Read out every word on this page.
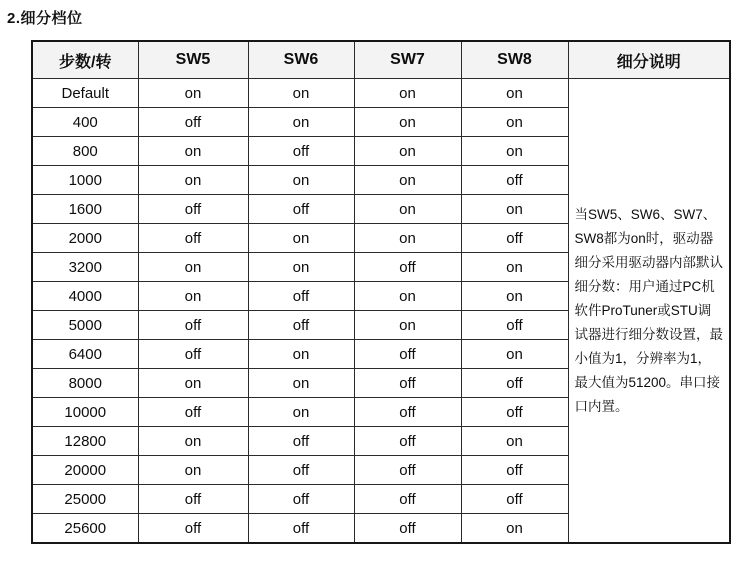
2.细分档位
步数/转	SW5	SW6	SW7	SW8	细分说明
Default	on	on	on	on	当SW5、SW6、SW7、SW8都为on时，驱动器 细分采用驱动器内部默认细分数：用户通过PC机软件ProTuner或STU调试器进行细分数设置，最小值为1，分辨率为1，最大值为51200。串口接 口内置。
400	off	on	on	on	
800	on	off	on	on	
1000	on	on	on	off	
1600	off	off	on	on	
2000	off	on	on	off	
3200	on	on	off	on	
4000	on	off	on	on	
5000	off	off	on	off	
6400	off	on	off	on	
8000	on	on	off	off	
10000	off	on	off	off	
12800	on	off	off	on	
20000	on	off	off	off	
25000	off	off	off	off	
25600	off	off	off	on	
